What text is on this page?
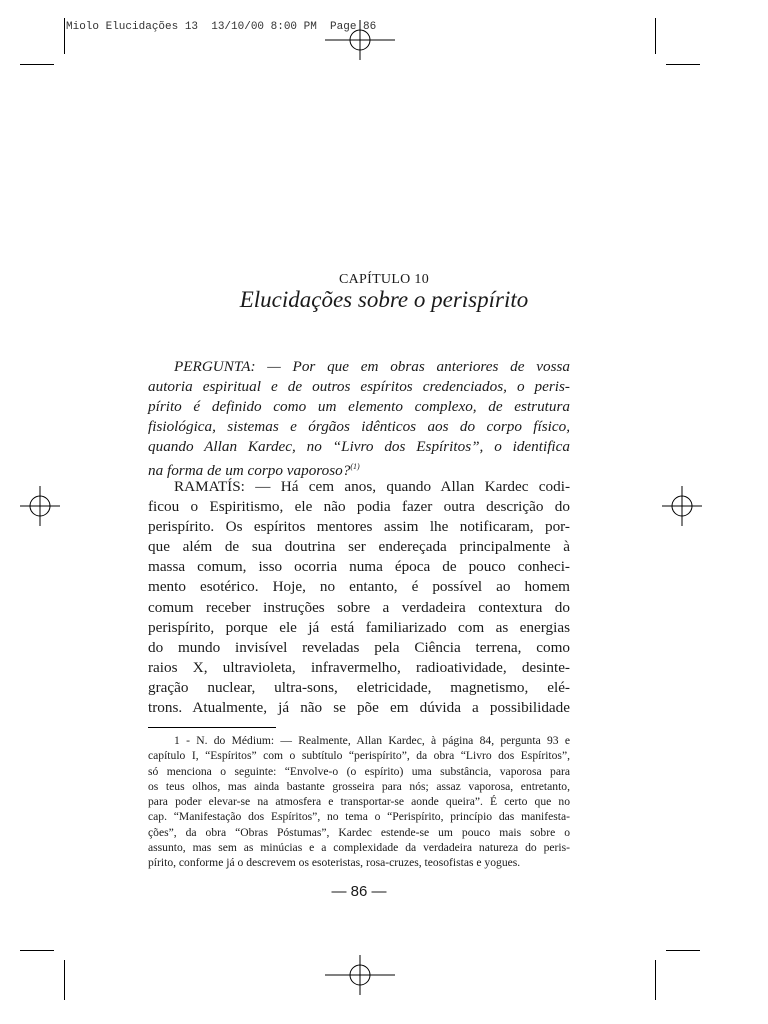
Miolo Elucidações 13  13/10/00 8:00 PM  Page 86
CAPÍTULO 10
Elucidações sobre o perispírito
PERGUNTA: — Por que em obras anteriores de vossa
autoria espiritual e de outros espíritos credenciados, o peris-
pírito é definido como um elemento complexo, de estrutura
fisiológica, sistemas e órgãos idênticos aos do corpo físico,
quando Allan Kardec, no “Livro dos Espíritos”, o identifica
na forma de um corpo vaporoso?$^{(1)}$
RAMATÍS: — Há cem anos, quando Allan Kardec codi-
ficou o Espiritismo, ele não podia fazer outra descrição do
perispírito. Os espíritos mentores assim lhe notificaram, por-
que além de sua doutrina ser endereçada principalmente à
massa comum, isso ocorria numa época de pouco conheci-
mento esotérico. Hoje, no entanto, é possível ao homem
comum receber instruções sobre a verdadeira contextura do
perispírito, porque ele já está familiarizado com as energias
do mundo invisível reveladas pela Ciência terrena, como
raios X, ultravioleta, infravermelho, radioatividade, desinte-
gração nuclear, ultra-sons, eletricidade, magnetismo, elé-
trons. Atualmente, já não se põe em dúvida a possibilidade
1 - N. do Médium: — Realmente, Allan Kardec, à página 84, pergunta 93 e
capítulo I, “Espíritos” com o subtítulo “perispírito”, da obra “Livro dos Espíritos”,
só menciona o seguinte: “Envolve-o (o espírito) uma substância, vaporosa para
os teus olhos, mas ainda bastante grosseira para nós; assaz vaporosa, entretanto,
para poder elevar-se na atmosfera e transportar-se aonde queira”. É certo que no
cap. “Manifestação dos Espíritos”, no tema o “Perispírito, princípio das manifesta-
ções”, da obra “Obras Póstumas”, Kardec estende-se um pouco mais sobre o
assunto, mas sem as minúcias e a complexidade da verdadeira natureza do peris-
pírito, conforme já o descrevem os esoteristas, rosa-cruzes, teosofistas e yogues.
— 86 —
